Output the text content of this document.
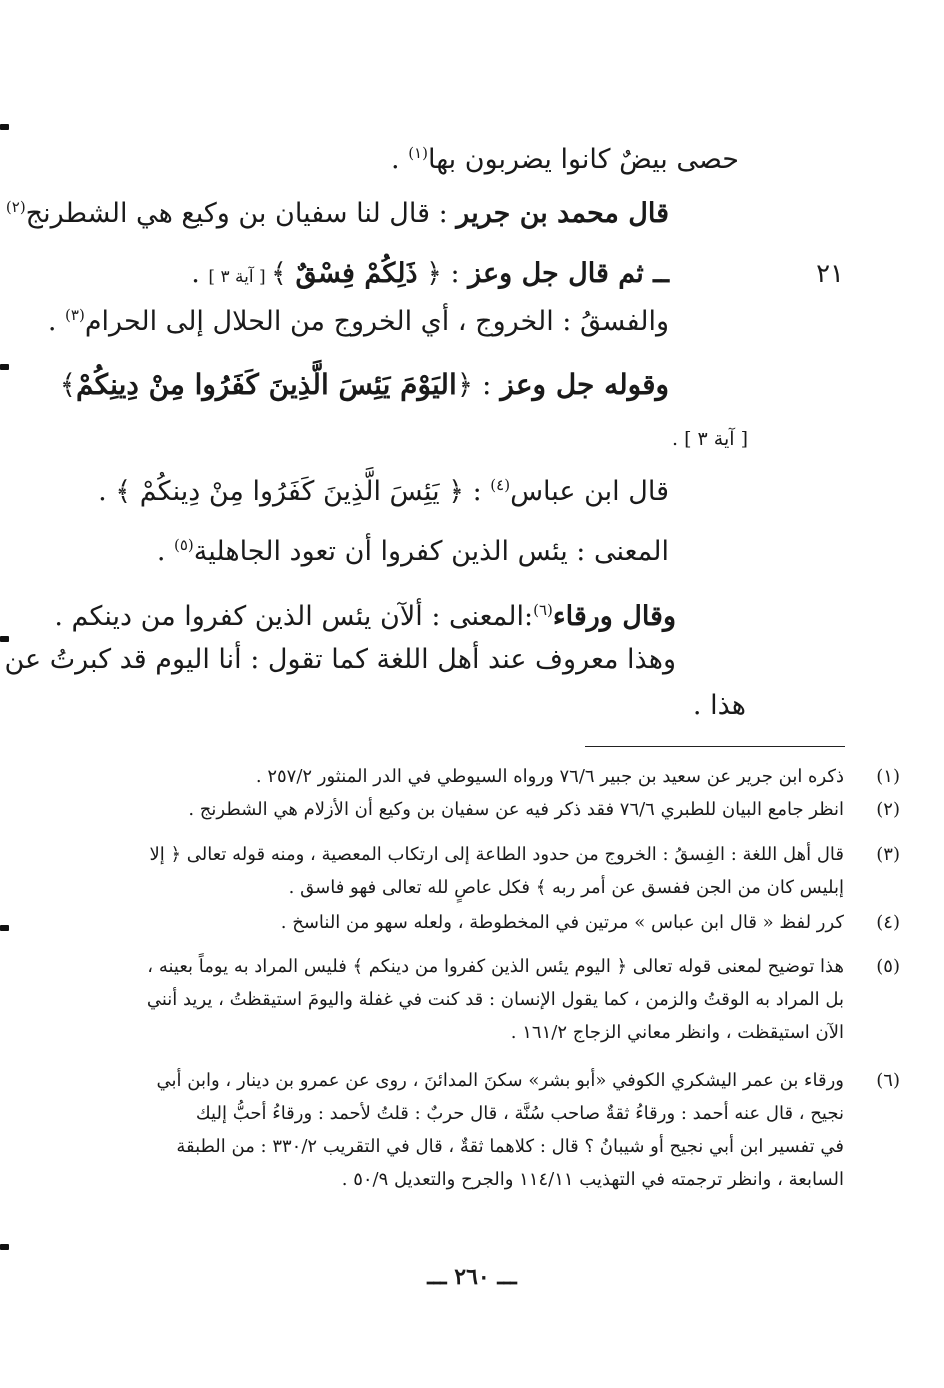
حصى بيضٌ كانوا يضربون بها$^{(١)}$ .
قال محمد بن جرير : قال لنا سفيان بن وكيع هي الشطرنج$^{(٢)}$
٢١
ــ ثم قال جل وعز : ﴿ ذَلِكُمْ فِسْقٌ ﴾ [ آية ٣ ] .
والفسقُ : الخروج ، أي الخروج من الحلال إلى الحرام$^{(٣)}$ .
وقوله جل وعز : ﴿اليَوْمَ يَئِسَ الَّذِينَ كَفَرُوا مِنْ دِينِكُمْ﴾
[ آية ٣ ] .
قال ابن عباس$^{(٤)}$ : ﴿ يَئِسَ الَّذِينَ كَفَرُوا مِنْ دِينكُمْ ﴾ .
المعنى : يئس الذين كفروا أن تعود الجاهلية$^{(٥)}$ .
وقال ورقاء$^{(٦)}$:المعنى : ألآن يئس الذين كفروا من دينكم .
وهذا معروف عند أهل اللغة كما تقول : أنا اليوم قد كبرتُ عن
هذا .
(١)
ذكره ابن جرير عن سعيد بن جبير ٧٦/٦ ورواه السيوطي في الدر المنثور ٢٥٧/٢ .
(٢)
انظر جامع البيان للطبري ٧٦/٦ فقد ذكر فيه عن سفيان بن وكيع أن الأزلام هي الشطرنج .
(٣)
قال أهل اللغة : الفِسقُ : الخروج من حدود الطاعة إلى ارتكاب المعصية ، ومنه قوله تعالى ﴿ إلا
إبليس كان من الجن ففسق عن أمر ربه ﴾ فكل عاصٍ لله تعالى فهو فاسق .
(٤)
كرر لفظ « قال ابن عباس » مرتين في المخطوطة ، ولعله سهو من الناسخ .
(٥)
هذا توضيح لمعنى قوله تعالى ﴿ اليوم يئس الذين كفروا من دينكم ﴾ فليس المراد به يوماً بعينه ،
بل المراد به الوقتُ والزمن ، كما يقول الإنسان : قد كنت في غفلة واليومَ استيقظتُ ، يريد أنني
الآن استيقظت ، وانظر معاني الزجاج ١٦١/٢ .
(٦)
ورقاء بن عمر اليشكري الكوفي «أبو بشر» سكنَ المدائنَ ، روى عن عمرو بن دينار ، وابن أبي
نجيح ، قال عنه أحمد : ورقاءُ ثقةٌ صاحب سُنَّة ، قال حربٌ : قلتُ لأحمد : ورقاءُ أحبُّ إليك
في تفسير ابن أبي نجيح أو شيبانُ ؟ قال : كلاهما ثقةٌ ، قال في التقريب ٣٣٠/٢ : من الطبقة
السابعة ، وانظر ترجمته في التهذيب ١١٤/١١ والجرح والتعديل ٥٠/٩ .
ـــ ٢٦٠ ـــ
